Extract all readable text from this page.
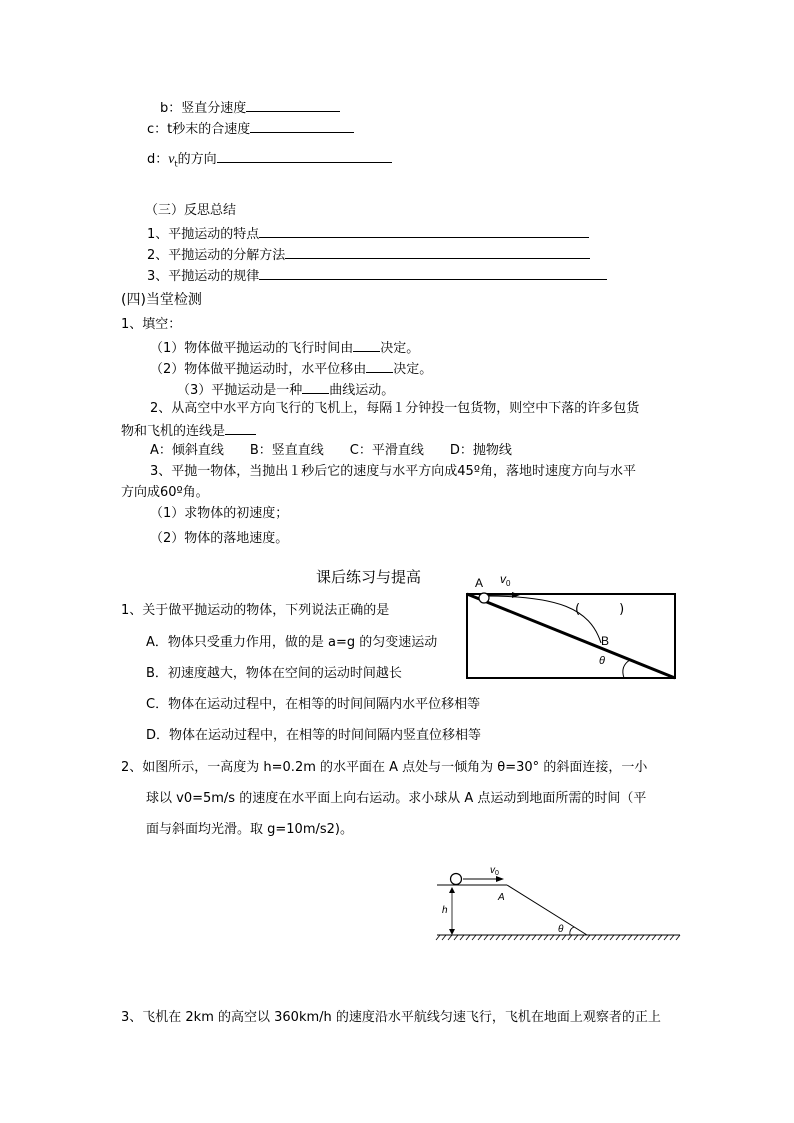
b：竖直分速度
c：t秒末的合速度
d：$v_t$的方向
（三）反思总结
1、平抛运动的特点
2、平抛运动的分解方法
3、平抛运动的规律
(四)当堂检测
1、填空：
（1）物体做平抛运动的飞行时间由 决定。
（2）物体做平抛运动时，水平位移由 决定。
（3）平抛运动是一种 曲线运动。
2、从高空中水平方向飞行的飞机上，每隔１分钟投一包货物，则空中下落的许多包货
物和飞机的连线是
A：倾斜直线　　B：竖直直线　　C：平滑直线　　D：抛物线
3、平抛一物体，当抛出１秒后它的速度与水平方向成45º角，落地时速度方向与水平
方向成60º角。
（1）求物体的初速度；
（2）物体的落地速度。
课后练习与提高	A $v_0$
B
θ
1、关于做平抛运动的物体，下列说法正确的是	(　　　)
A．物体只受重力作用，做的是 a=g 的匀变速运动
B．初速度越大，物体在空间的运动时间越长
C．物体在运动过程中，在相等的时间间隔内水平位移相等
D．物体在运动过程中，在相等的时间间隔内竖直位移相等
2、如图所示，一高度为 h=0.2m 的水平面在 A 点处与一倾角为 θ=30° 的斜面连接，一小
球以 v0=5m/s 的速度在水平面上向右运动。求小球从 A 点运动到地面所需的时间（平
面与斜面均光滑。取 g=10m/s2)。
$v_0$
A
h
θ
3、飞机在 2km 的高空以 360km/h 的速度沿水平航线匀速飞行，飞机在地面上观察者的正上
